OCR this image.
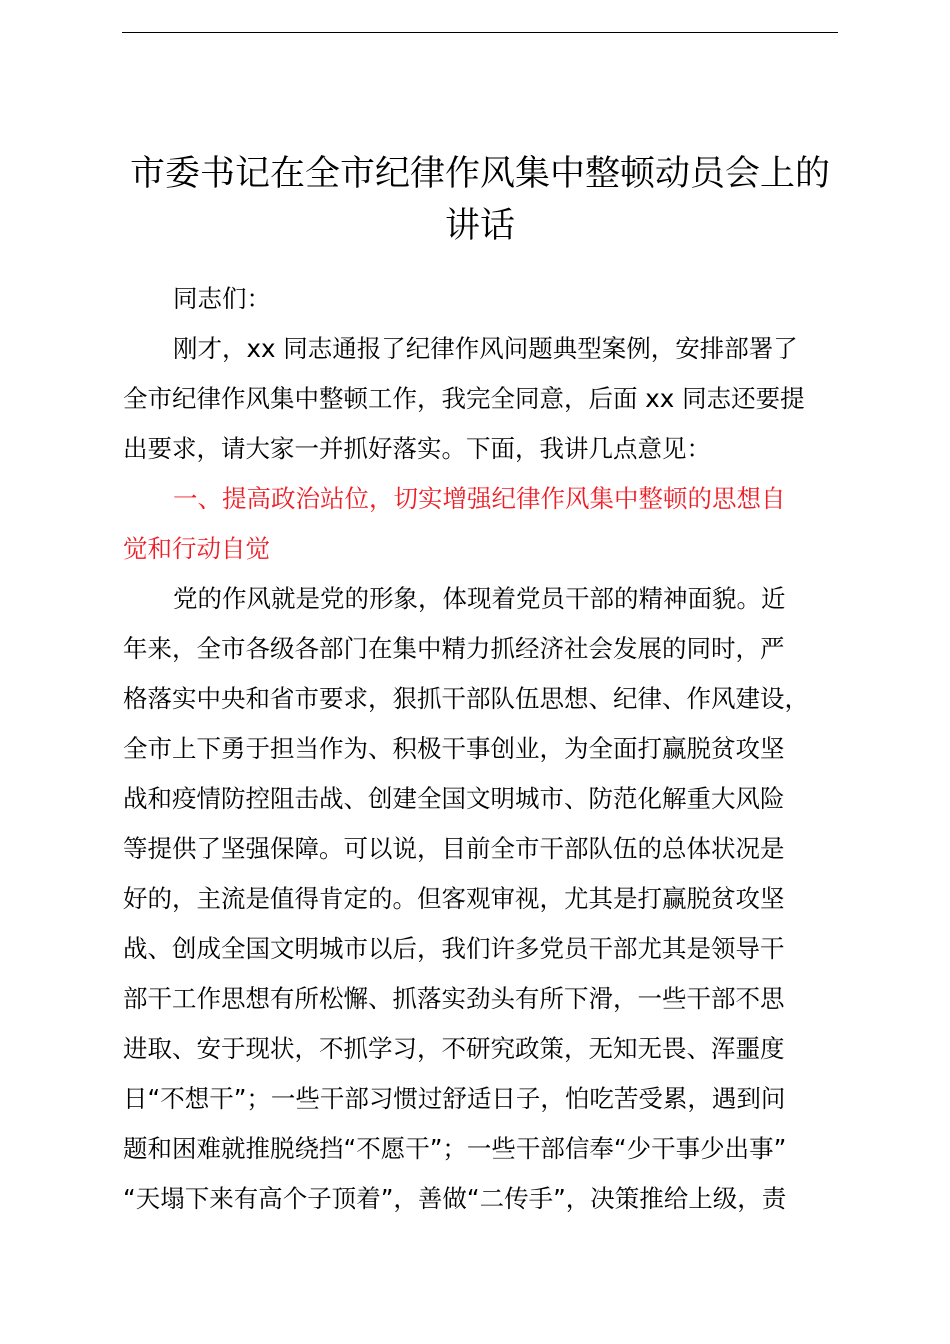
市委书记在全市纪律作风集中整顿动员会上的
讲话

同志们：

刚才，xx 同志通报了纪律作风问题典型案例，安排部署了

全市纪律作风集中整顿工作，我完全同意，后面 xx 同志还要提

出要求，请大家一并抓好落实。下面，我讲几点意见：

一、提高政治站位，切实增强纪律作风集中整顿的思想自

觉和行动自觉

党的作风就是党的形象，体现着党员干部的精神面貌。近

年来，全市各级各部门在集中精力抓经济社会发展的同时，严

格落实中央和省市要求，狠抓干部队伍思想、纪律、作风建设，

全市上下勇于担当作为、积极干事创业，为全面打赢脱贫攻坚

战和疫情防控阻击战、创建全国文明城市、防范化解重大风险

等提供了坚强保障。可以说，目前全市干部队伍的总体状况是

好的，主流是值得肯定的。但客观审视，尤其是打赢脱贫攻坚

战、创成全国文明城市以后，我们许多党员干部尤其是领导干

部干工作思想有所松懈、抓落实劲头有所下滑，一些干部不思

进取、安于现状，不抓学习，不研究政策，无知无畏、浑噩度

日“不想干”；一些干部习惯过舒适日子，怕吃苦受累，遇到问

题和困难就推脱绕挡“不愿干”；一些干部信奉“少干事少出事”

“天塌下来有高个子顶着”，善做“二传手”，决策推给上级，责
